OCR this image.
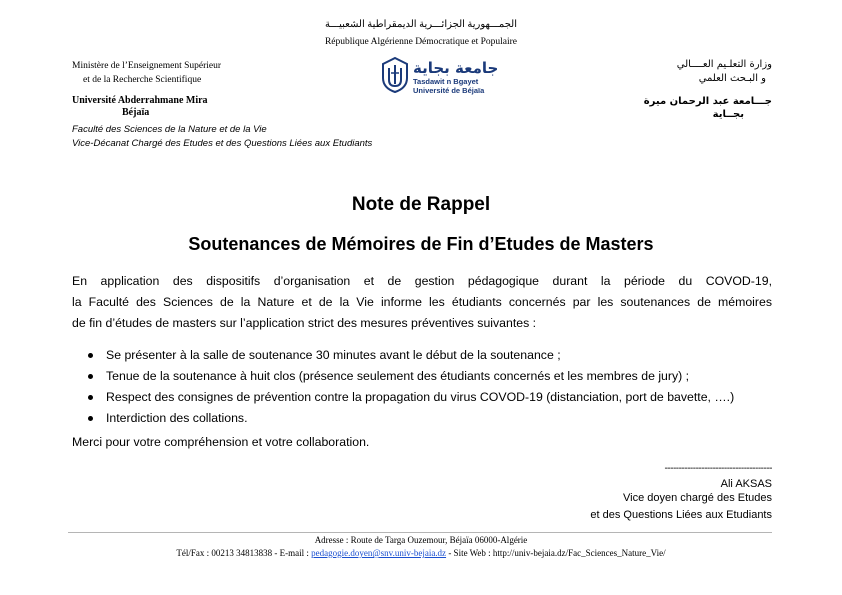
الجمـــهورية الجزائـــرية الديمقراطية الشعبيـــة
République Algérienne Démocratique et Populaire
Ministère de l’Enseignement Supérieur
et de la Recherche Scientifique
Université Abderrahmane Mira
Béjaïa
Faculté des Sciences de la Nature et de la Vie
Vice-Décanat Chargé des Etudes et des Questions Liées aux Etudiants
جامعة بجاية
Tasdawit n Bgayet
Université de Béjaïa
وزارة التعلـيم العــــالي
و البـحث العلمي
جـــامعة عبد الرحمان ميرة
بجــاية
Note de Rappel
Soutenances de Mémoires de Fin d’Etudes de Masters
En application des dispositifs d’organisation et de gestion pédagogique durant la période du COVOD-19,
la Faculté des Sciences de la Nature et de la Vie informe les étudiants concernés par les soutenances de mémoires
de fin d’études de masters sur l’application strict des mesures préventives suivantes :
Se présenter à la salle de soutenance 30 minutes avant le début de la soutenance ;
Tenue de la soutenance à huit clos (présence seulement des étudiants concernés et les membres de jury) ;
Respect des consignes de prévention contre la propagation du virus COVOD-19 (distanciation, port de bavette, ….)
Interdiction des collations.
Merci pour votre compréhension et votre collaboration.
--------------------------------------
Ali AKSAS
Vice doyen chargé des Etudes
et des Questions Liées aux Etudiants
Adresse : Route de Targa Ouzemour, Béjaïa 06000-Algérie
Tél/Fax : 00213 34813838 - E-mail : pedagogie.doyen@snv.univ-bejaia.dz - Site Web : http://univ-bejaia.dz/Fac_Sciences_Nature_Vie/
